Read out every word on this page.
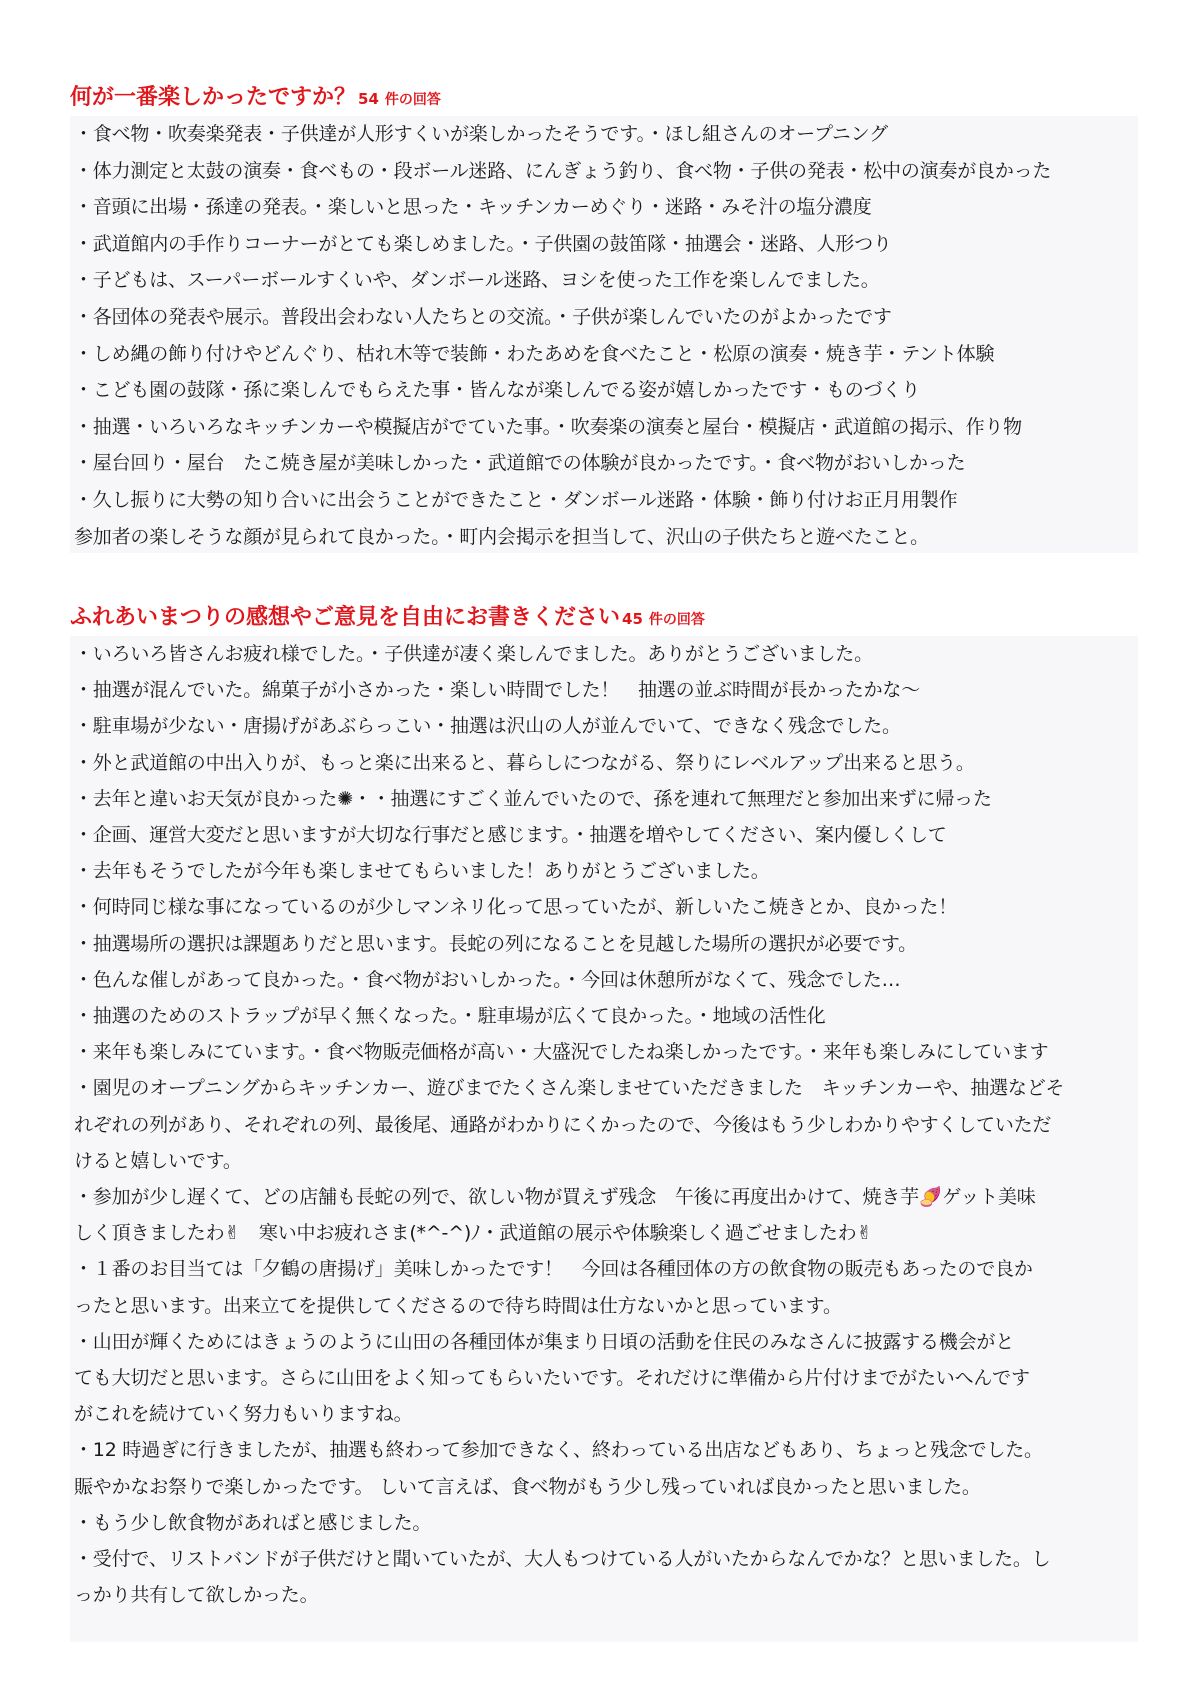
何が一番楽しかったですか？ 54 件の回答
・食べ物・吹奏楽発表・子供達が人形すくいが楽しかったそうです。・ほし組さんのオープニング
・体力測定と太鼓の演奏・食べもの・段ボール迷路、にんぎょう釣り、食べ物・子供の発表・松中の演奏が良かった
・音頭に出場・孫達の発表。・楽しいと思った・キッチンカーめぐり・迷路・みそ汁の塩分濃度
・武道館内の手作りコーナーがとても楽しめました。・子供園の鼓笛隊・抽選会・迷路、人形つり
・子どもは、スーパーボールすくいや、ダンボール迷路、ヨシを使った工作を楽しんでました。
・各団体の発表や展示。普段出会わない人たちとの交流。・子供が楽しんでいたのがよかったです
・しめ縄の飾り付けやどんぐり、枯れ木等で装飾・わたあめを食べたこと・松原の演奏・焼き芋・テント体験
・こども園の鼓隊・孫に楽しんでもらえた事・皆んなが楽しんでる姿が嬉しかったです・ものづくり
・抽選・いろいろなキッチンカーや模擬店がでていた事。・吹奏楽の演奏と屋台・模擬店・武道館の掲示、作り物
・屋台回り・屋台　たこ焼き屋が美味しかった・武道館での体験が良かったです。・食べ物がおいしかった
・久し振りに大勢の知り合いに出会うことができたこと・ダンボール迷路・体験・飾り付けお正月用製作
参加者の楽しそうな顔が見られて良かった。・町内会掲示を担当して、沢山の子供たちと遊べたこと。
ふれあいまつりの感想やご意見を自由にお書きください 45 件の回答
・いろいろ皆さんお疲れ様でした。・子供達が凄く楽しんでました。ありがとうございました。
・抽選が混んでいた。綿菓子が小さかった・楽しい時間でした！　抽選の並ぶ時間が長かったかな～
・駐車場が少ない・唐揚げがあぶらっこい・抽選は沢山の人が並んでいて、できなく残念でした。
・外と武道館の中出入りが、もっと楽に出来ると、暮らしにつながる、祭りにレベルアップ出来ると思う。
・去年と違いお天気が良かった✺・・抽選にすごく並んでいたので、孫を連れて無理だと参加出来ずに帰った
・企画、運営大変だと思いますが大切な行事だと感じます。・抽選を増やしてください、案内優しくして
・去年もそうでしたが今年も楽しませてもらいました！ありがとうございました。
・何時同じ様な事になっているのが少しマンネリ化って思っていたが、新しいたこ焼きとか、良かった！
・抽選場所の選択は課題ありだと思います。長蛇の列になることを見越した場所の選択が必要です。
・色んな催しがあって良かった。・食べ物がおいしかった。・今回は休憩所がなくて、残念でした…
・抽選のためのストラップが早く無くなった。・駐車場が広くて良かった。・地域の活性化
・来年も楽しみにています。・食べ物販売価格が高い・大盛況でしたね楽しかったです。・来年も楽しみにしています
・園児のオープニングからキッチンカー、遊びまでたくさん楽しませていただきました　キッチンカーや、抽選などそ
れぞれの列があり、それぞれの列、最後尾、通路がわかりにくかったので、今後はもう少しわかりやすくしていただ
けると嬉しいです。
・参加が少し遅くて、どの店舗も長蛇の列で、欲しい物が買えず残念　午後に再度出かけて、焼き芋🍠ゲット美味
しく頂きましたわ✌　寒い中お疲れさま(*^-^)ﾉ・武道館の展示や体験楽しく過ごせましたわ✌
・１番のお目当ては「夕鶴の唐揚げ」美味しかったです！　今回は各種団体の方の飲食物の販売もあったので良か
ったと思います。出来立てを提供してくださるので待ち時間は仕方ないかと思っています。
・山田が輝くためにはきょうのように山田の各種団体が集まり日頃の活動を住民のみなさんに披露する機会がと
ても大切だと思います。さらに山田をよく知ってもらいたいです。それだけに準備から片付けまでがたいへんです
がこれを続けていく努力もいりますね。
・12 時過ぎに行きましたが、抽選も終わって参加できなく、終わっている出店などもあり、ちょっと残念でした。
賑やかなお祭りで楽しかったです。 しいて言えば、食べ物がもう少し残っていれば良かったと思いました。
・もう少し飲食物があればと感じました。
・受付で、リストバンドが子供だけと聞いていたが、大人もつけている人がいたからなんでかな？と思いました。し
っかり共有して欲しかった。
